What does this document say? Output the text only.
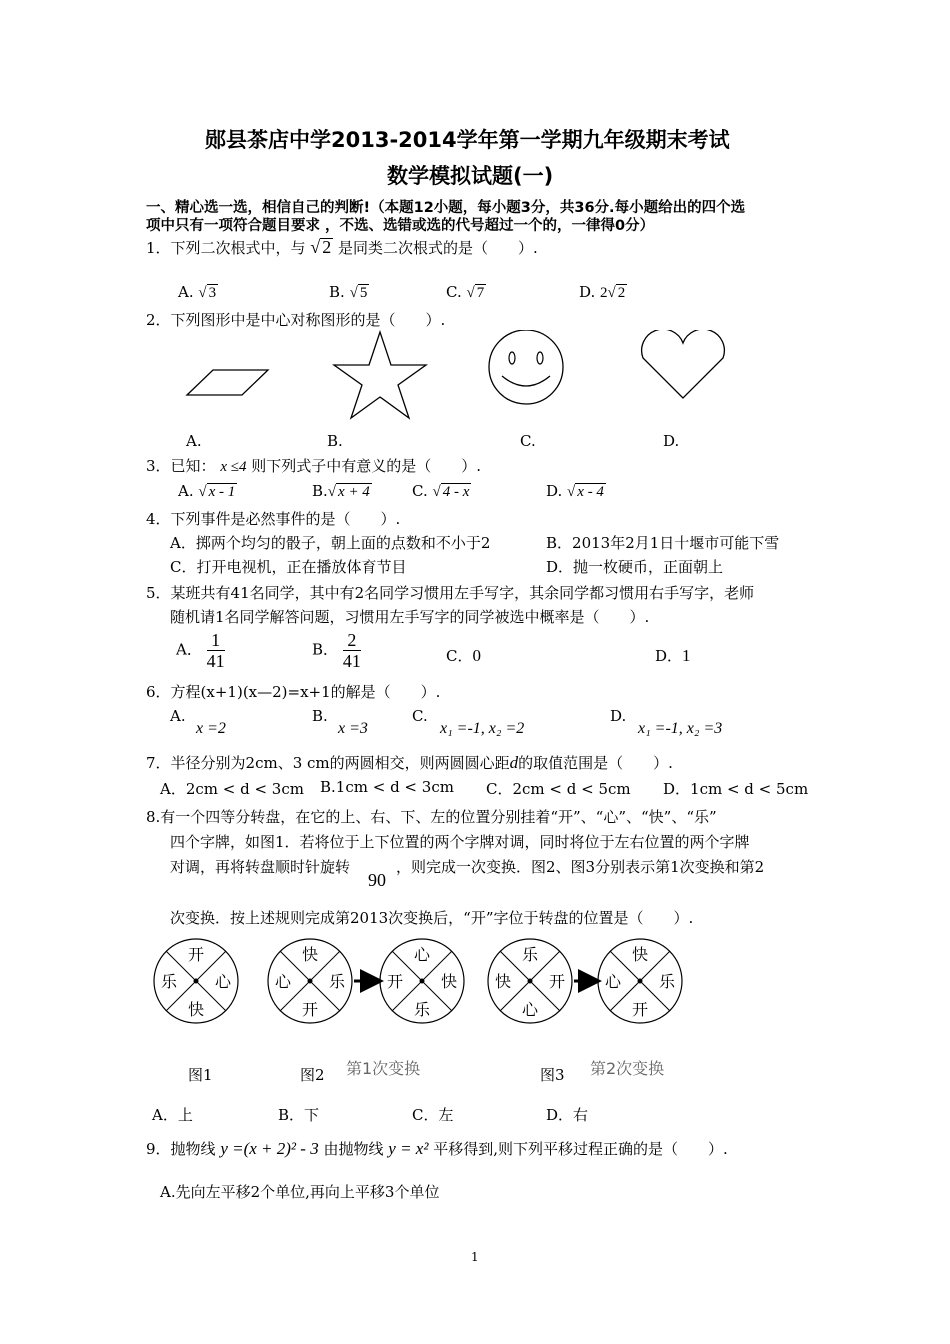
郧县茶店中学2013-2014学年第一学期九年级期末考试
数学模拟试题(一)
一、精心选一选，相信自己的判断!（本题12小题，每小题3分，共36分.每小题给出的四个选
项中只有一项符合题目要求 ，不选、选错或选的代号超过一个的，一律得0分）
1．下列二次根式中，与 √ 2 是同类二次根式的是（　　）.
A. √ 3	B. √ 5	C. √ 7	D. 2√ 2
2．下列图形中是中心对称图形的是（　　）.
A.	B.	C.	D.
3．已知： x ≤4 则下列式子中有意义的是（　　）.
A. √ x - 1	B.√ x + 4	C. √ 4 - x	D. √ x - 4
4．下列事件是必然事件的是（　　）.
A．掷两个均匀的骰子，朝上面的点数和不小于2	B．2013年2月1日十堰市可能下雪
C．打开电视机，正在播放体育节目	D．抛一枚硬币，正面朝上
5．某班共有41名同学，其中有2名同学习惯用左手写字，其余同学都习惯用右手写字，老师
随机请1名同学解答问题，习惯用左手写字的同学被选中概率是（　　）.
A． $\frac{1}{41}$	B． $\frac{2}{41}$	C．0	D．1
6．方程(x+1)(x—2)=x+1的解是（　　）.
A.
x =2
B.
x =3
C.
x₁ =-1, x₂ =2
D.
x₁ =-1, x₂ =3
7．半径分别为2cm、3 cm的两圆相交，则两圆圆心距d的取值范围是（　　）.
A．2cm < d < 3cm B.1cm < d < 3cm C．2cm < d < 5cm D．1cm < d < 5cm
8.有一个四等分转盘，在它的上、右、下、左的位置分别挂着“开”、“心”、“快”、“乐”
四个字牌，如图1．若将位于上下位置的两个字牌对调，同时将位于左右位置的两个字牌
对调，再将转盘顺时针旋转
90
，则完成一次变换．图2、图3分别表示第1次变换和第2
次变换．按上述规则完成第2013次变换后，“开”字位于转盘的位置是（　　）.
开
心
快
乐
快
乐
开
心
心
快
乐
开
乐
开
心
快
快
乐
开
心
图1	图2 第1次变换	图3 第2次变换
A．上	B．下	C．左	D．右
9．抛物线 y =(x + 2)² - 3 由抛物线 y = x² 平移得到,则下列平移过程正确的是（　　）.
A.先向左平移2个单位,再向上平移3个单位
1
